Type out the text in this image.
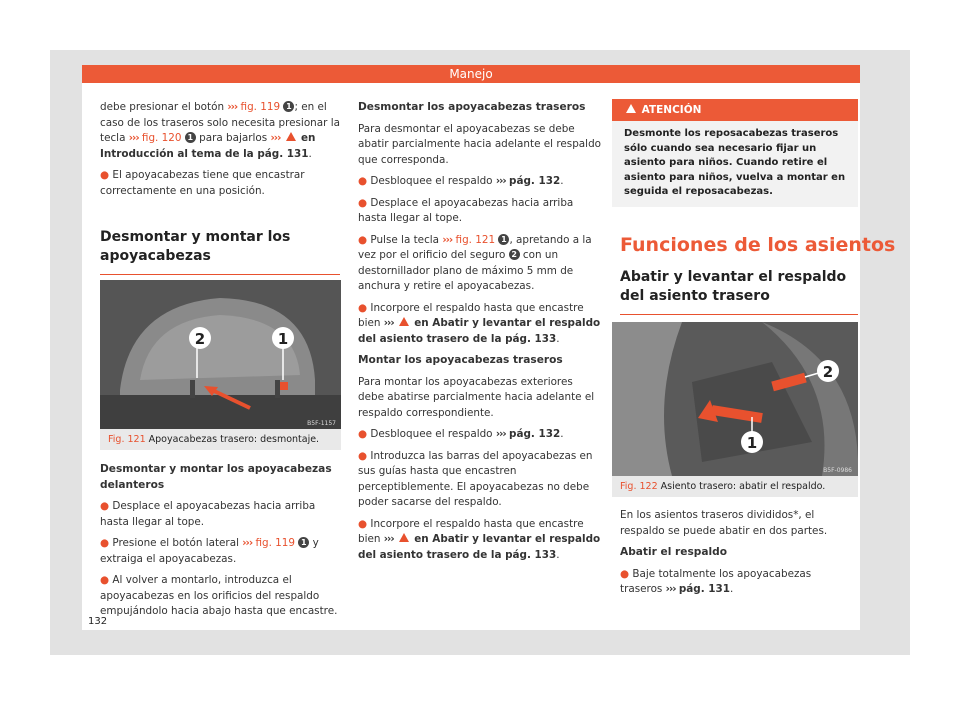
Manejo

debe presionar el botón ››› fig. 119 1 ; en el caso de los traseros solo necesita presionar la tecla ››› fig. 120 1 para bajarlos ››› en Introducción al tema de la pág. 131.

● El apoyacabezas tiene que encastrar correctamente en una posición.

Desmontar y montar los apoyacabezas
2	1
B5F-1157
Fig. 121 Apoyacabezas trasero: desmontaje.

Desmontar y montar los apoyacabezas delanteros

● Desplace el apoyacabezas hacia arriba hasta llegar al tope.

● Presione el botón lateral ››› fig. 119 1 y extraiga el apoyacabezas.

● Al volver a montarlo, introduzca el apoyacabezas en los orificios del respaldo empujándolo hacia abajo hasta que encastre.

Desmontar los apoyacabezas traseros

Para desmontar el apoyacabezas se debe abatir parcialmente hacia adelante el respaldo que corresponda.

● Desbloquee el respaldo ››› pág. 132.

● Desplace el apoyacabezas hacia arriba hasta llegar al tope.

● Pulse la tecla ››› fig. 121 1 , apretando a la vez por el orificio del seguro 2 con un destornillador plano de máximo 5 mm de anchura y retire el apoyacabezas.

● Incorpore el respaldo hasta que encastre bien ››› en Abatir y levantar el respaldo del asiento trasero de la pág. 133.

Montar los apoyacabezas traseros

Para montar los apoyacabezas exteriores debe abatirse parcialmente hacia adelante el respaldo correspondiente.

● Desbloquee el respaldo ››› pág. 132.

● Introduzca las barras del apoyacabezas en sus guías hasta que encastren perceptiblemente. El apoyacabezas no debe poder sacarse del respaldo.

● Incorpore el respaldo hasta que encastre bien ››› en Abatir y levantar el respaldo del asiento trasero de la pág. 133.

ATENCIÓN
Desmonte los reposacabezas traseros sólo cuando sea necesario fijar un asiento para niños. Cuando retire el asiento para niños, vuelva a montar en seguida el reposacabezas.
Funciones de los asientos
Abatir y levantar el respaldo del asiento trasero
2
1
B5F-0986
Fig. 122 Asiento trasero: abatir el respaldo.

En los asientos traseros divididos*, el respaldo se puede abatir en dos partes.

Abatir el respaldo

● Baje totalmente los apoyacabezas traseros ››› pág. 131.

132
